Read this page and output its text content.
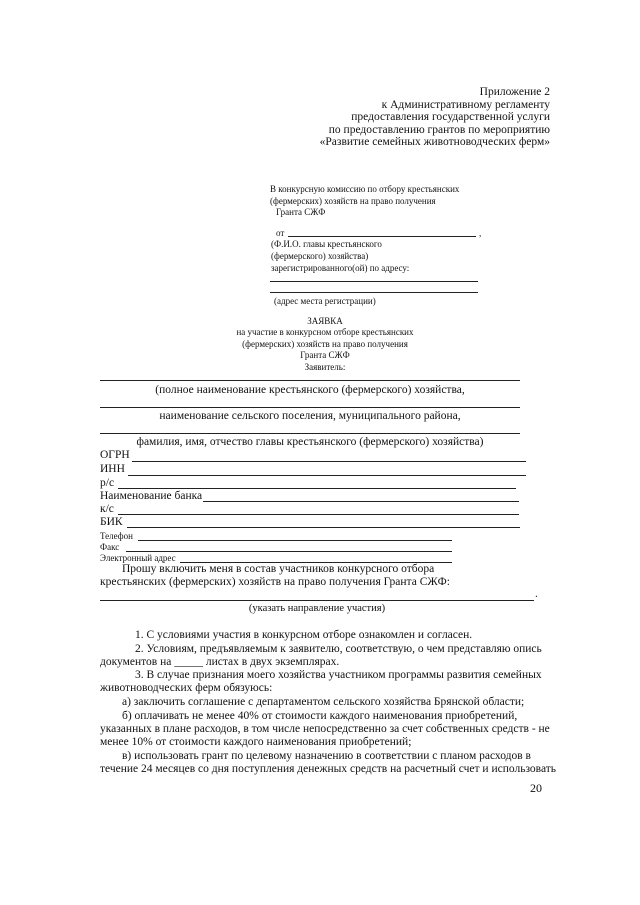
Приложение 2
к Административному регламенту
предоставления государственной услуги
по предоставлению грантов по мероприятию
«Развитие семейных животноводческих ферм»
В конкурсную комиссию по отбору крестьянских
(фермерских) хозяйств на право получения
Гранта СЖФ
от	,
(Ф.И.О. главы крестьянского
(фермерского) хозяйства)
зарегистрированного(ой) по адресу:
(адрес места регистрации)
ЗАЯВКА
на участие в конкурсном отборе крестьянских
(фермерских) хозяйств на право получения
Гранта СЖФ
Заявитель:
(полное наименование крестьянского (фермерского) хозяйства,
наименование сельского поселения, муниципального района,
фамилия, имя, отчество главы крестьянского (фермерского) хозяйства)
ОГРН
ИНН
р/с
Наименование банка
к/с
БИК
Телефон
Факс
Электронный адрес
Прошу включить меня в состав участников конкурсного отбора
крестьянских (фермерских) хозяйств на право получения Гранта СЖФ:
.
(указать направление участия)
1. С условиями участия в конкурсном отборе ознакомлен и согласен.
2. Условиям, предъявляемым к заявителю, соответствую, о чем представляю опись
документов на _____ листах в двух экземплярах.
3. В случае признания моего хозяйства участником программы развития семейных
животноводческих ферм обязуюсь:
а) заключить соглашение с департаментом сельского хозяйства Брянской области;
б) оплачивать не менее 40% от стоимости каждого наименования приобретений,
указанных в плане расходов, в том числе непосредственно за счет собственных средств - не
менее 10% от стоимости каждого наименования приобретений;
в) использовать грант по целевому назначению в соответствии с планом расходов в
течение 24 месяцев со дня поступления денежных средств на расчетный счет и использовать
20
